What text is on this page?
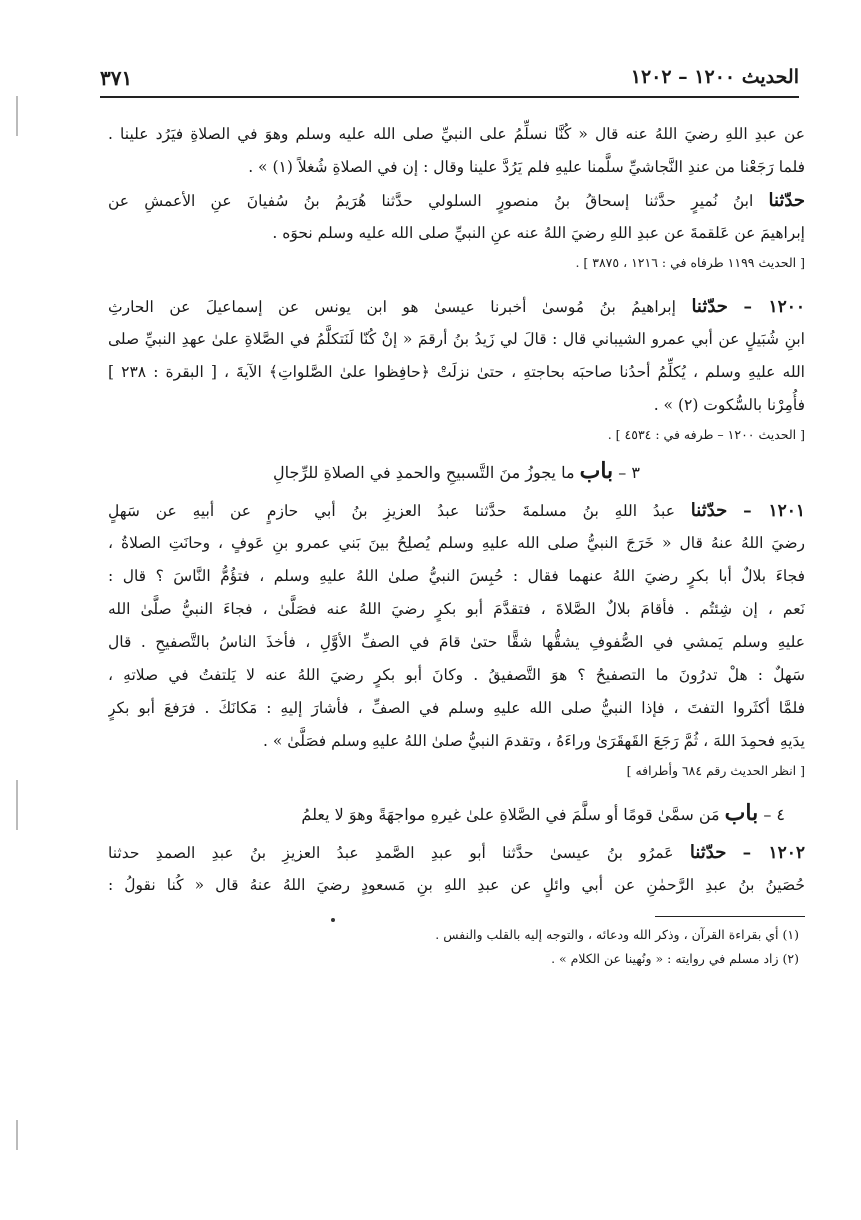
الحديث ١٢٠٠ – ١٢٠٢
٣٧١

عن عبدِ اللهِ رضيَ اللهُ عنه قال « كُنَّا نسلِّمُ على النبيِّ صلى الله عليه وسلم وهوَ في الصلاةِ فيَرُد علينا .

فلما رَجَعْنا من عندِ النَّجاشيِّ سلَّمنا عليهِ فلم يَرُدَّ علينا وقال : إن في الصلاةِ شُغلاً (١) » .

حدّثنا ابنُ نُميرٍ حدَّثنا إسحاقُ بنُ منصورٍ السلولي حدَّثنا هُرَيمُ بنُ سُفيانَ عنِ الأعمشِ عن

إبراهيمَ عن عَلقمةَ عن عبدِ اللهِ رضيَ اللهُ عنه عنِ النبيِّ صلى الله عليه وسلم نحوَه .

[ الحديث ١١٩٩ طرفاه في : ١٢١٦ ، ٣٨٧٥ ] .

١٢٠٠ – حدّثنا إبراهيمُ بنُ مُوسىٰ أخبرنا عيسىٰ هو ابن يونس عن إسماعيلَ عن الحارثِ

ابنِ شُبَيلٍ عن أبي عمرو الشيباني قال : قالَ لي زَيدُ بنُ أرقمَ « إنْ كُنّا لَنَتكلَّمُ في الصَّلاةِ علىٰ عهدِ النبيِّ صلى

الله عليهِ وسلم ، يُكلِّمُ أحدُنا صاحبَه بحاجتهِ ، حتىٰ نزلَتْ ﴿حافِظوا علىٰ الصَّلواتِ﴾ الآيةَ ، [ البقرة : ٢٣٨ ]

فأُمِرْنا بالسُّكوت (٢) » .

[ الحديث ١٢٠٠ – طرفه في : ٤٥٣٤ ] .

٣ – باب ما يجوزُ منَ التَّسبيحِ والحمدِ في الصلاةِ للرِّجالِ

١٢٠١ – حدّثنا عبدُ اللهِ بنُ مسلمةَ حدَّثنا عبدُ العزيزِ بنُ أبي حازمٍ عن أبيهِ عن سَهلٍ

رضيَ اللهُ عنهُ قال « خَرَجَ النبيُّ صلى الله عليهِ وسلم يُصلِحُ بينَ بَني عمرو بنِ عَوفٍ ، وحانَتِ الصلاةُ ،

فجاءَ بلالٌ أبا بكرٍ رضيَ اللهُ عنهما فقال : حُبِسَ النبيُّ صلىٰ اللهُ عليهِ وسلم ، فتؤُمُّ النَّاسَ ؟ قال :

نَعم ، إن شِئتُم . فأقامَ بلالٌ الصَّلاةَ ، فتقدَّمَ أبو بكرٍ رضيَ اللهُ عنه فصَلَّىٰ ، فجاءَ النبيُّ صلَّىٰ الله

عليهِ وسلم يَمشي في الصُّفوفِ يشقُّها شقًّا حتىٰ قامَ في الصفِّ الأوَّلِ ، فأخذَ الناسُ بالتَّصفيحِ . قال

سَهلٌ : هلْ تدرُونَ ما التصفيحُ ؟ هوَ التَّصفيقُ . وكانَ أبو بكرٍ رضيَ اللهُ عنه لا يَلتفتُ في صلاتهِ ،

فلمَّا أكثَروا التفتَ ، فإذا النبيُّ صلى الله عليهِ وسلم في الصفِّ ، فأشارَ إليهِ : مَكانَكَ . فرَفعَ أبو بكرٍ

يدَيهِ فحمِدَ اللهَ ، ثُمَّ رَجَعَ القَهقَرَىٰ وراءَهُ ، وتقدمَ النبيُّ صلىٰ اللهُ عليهِ وسلم فصَلَّىٰ » .

[ انظر الحديث رقم ٦٨٤ وأطرافه ]

٤ – باب مَن سمَّىٰ قومًا أو سلَّمَ في الصَّلاةِ علىٰ غيرهِ مواجهَةً وهوَ لا يعلمُ

١٢٠٢ – حدّثنا عَمرُو بنُ عيسىٰ حدَّثنا أبو عبدِ الصَّمدِ عبدُ العزيزِ بنُ عبدِ الصمدِ حدثنا

حُصَينُ بنُ عبدِ الرَّحمٰنِ عن أبي وائلٍ عن عبدِ اللهِ بنِ مَسعودٍ رضيَ اللهُ عنهُ قال « كُنا نقولُ :

(١) أي بقراءة القرآن ، وذكر الله ودعائه ، والتوجه إليه بالقلب والنفس .

(٢) زاد مسلم في روايته : « ونُهينا عن الكلام » .
